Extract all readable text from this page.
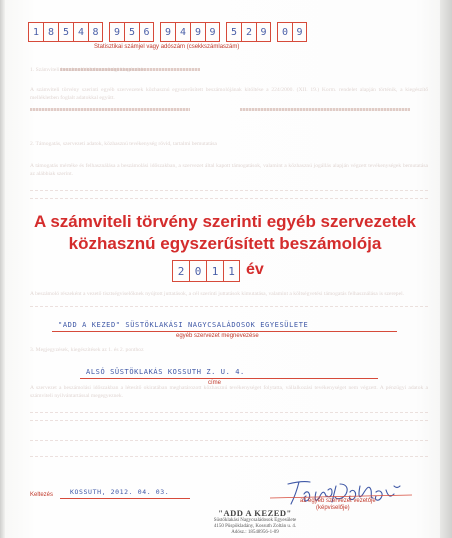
1 8 5 4 8	9 5 6	9 4 9 9	5 2 9	0 9
Statisztikai számjel vagy adószám (csekkszámlaszám)
1. Számviteli beszámoló közhasznúsági kiegészítés
A számviteli törvény szerinti egyéb szervezetek közhasznú egyszerűsített beszámolójának kitöltése a 224/2000. (XII. 19.) Korm. rendelet alapján történik, a kiegészítő mellékletben foglalt adatokkal együtt.
2. Támogatás, szervezeti adatok, közhasznú tevékenység rövid, tartalmi bemutatása
A támogatás mértéke és felhasználása a beszámolási időszakban, a szervezet által kapott támogatások, valamint a közhasznú jogállás alapján végzett tevékenységek bemutatása az alábbiak szerint.
A beszámoló részeként a vezető tisztségviselőknek nyújtott juttatások, a cél szerinti juttatások kimutatása, valamint a költségvetési támogatás felhasználása is szerepel.
3. Megjegyzések, kiegészítések az 1. és 2. ponthoz
A szervezet a beszámolási időszakban a létesítő okiratában meghatározott közhasznú tevékenységet folytatta, vállalkozási tevékenységet nem végzett. A pénzügyi adatok a számviteli nyilvántartással megegyeznek.
A számviteli törvény szerinti egyéb szervezetek
közhasznú egyszerűsített beszámolója
2 0 1 1 év
"ADD A KEZED" SÜSTÖKLAKÁSI NAGYCSALÁDOSOK EGYESÜLETE
egyéb szervezet megnevezése
ALSÓ SÜSTÖKLAKÁS KOSSUTH Z. U. 4.
címe
Keltezés	KOSSUTH, 2012. 04. 03.
az egyéb szervezet vezetője
(képviselője)
"ADD A KEZED"
Süstöklakási Nagycsaládosok Egyesülete
4150 Püspökladány, Kossuth Zoltán u. 4.
Adósz.: 18548956-1-09
